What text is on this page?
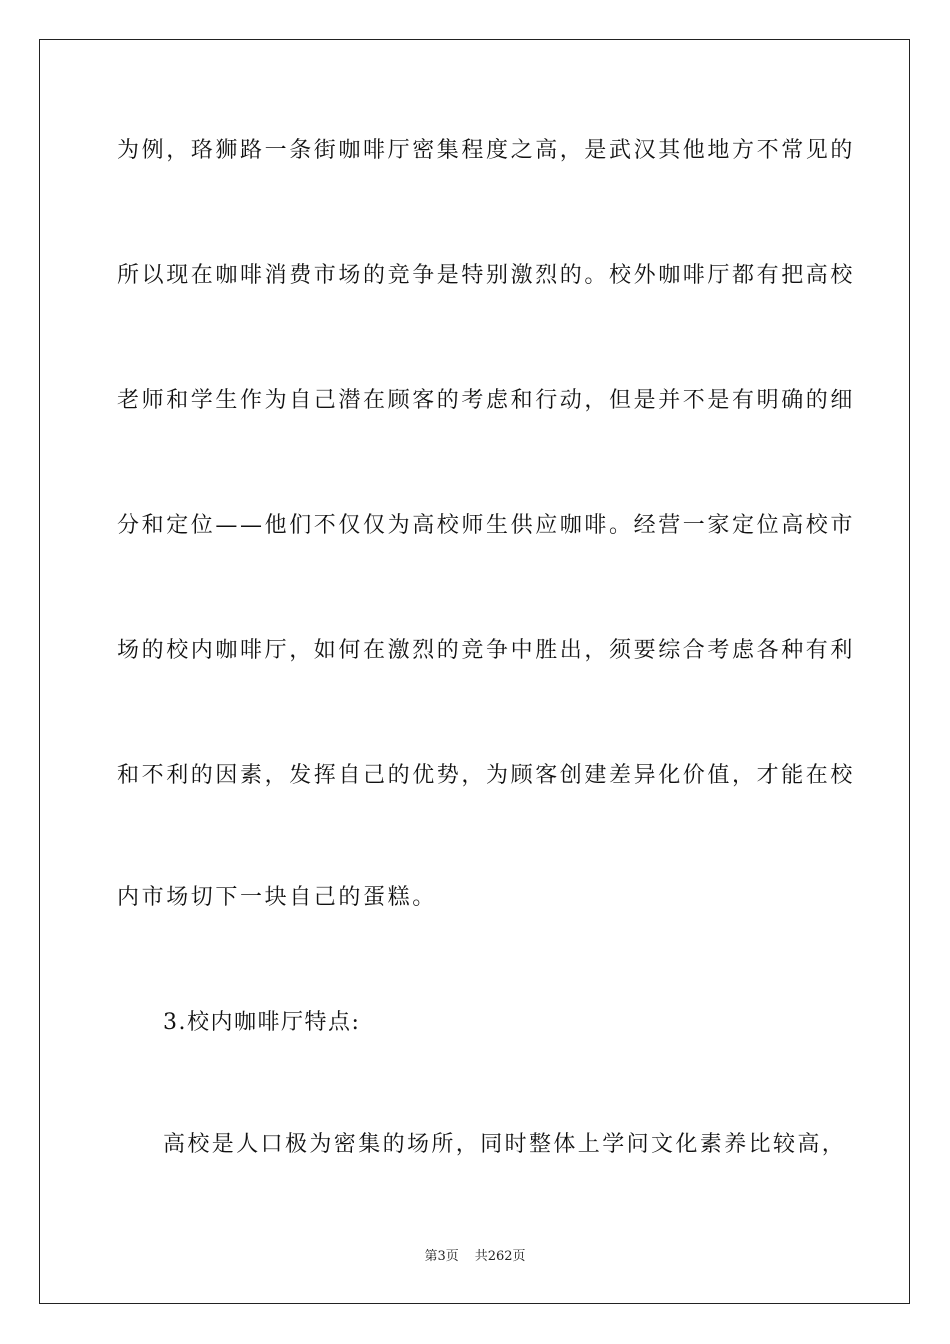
为例，珞狮路一条街咖啡厅密集程度之高，是武汉其他地方不常见的
所以现在咖啡消费市场的竞争是特别激烈的。校外咖啡厅都有把高校
老师和学生作为自己潜在顾客的考虑和行动，但是并不是有明确的细
分和定位——他们不仅仅为高校师生供应咖啡。经营一家定位高校市
场的校内咖啡厅，如何在激烈的竞争中胜出，须要综合考虑各种有利
和不利的因素，发挥自己的优势，为顾客创建差异化价值，才能在校
内市场切下一块自己的蛋糕。
3.校内咖啡厅特点:
高校是人口极为密集的场所，同时整体上学问文化素养比较高，
第3页 共262页
